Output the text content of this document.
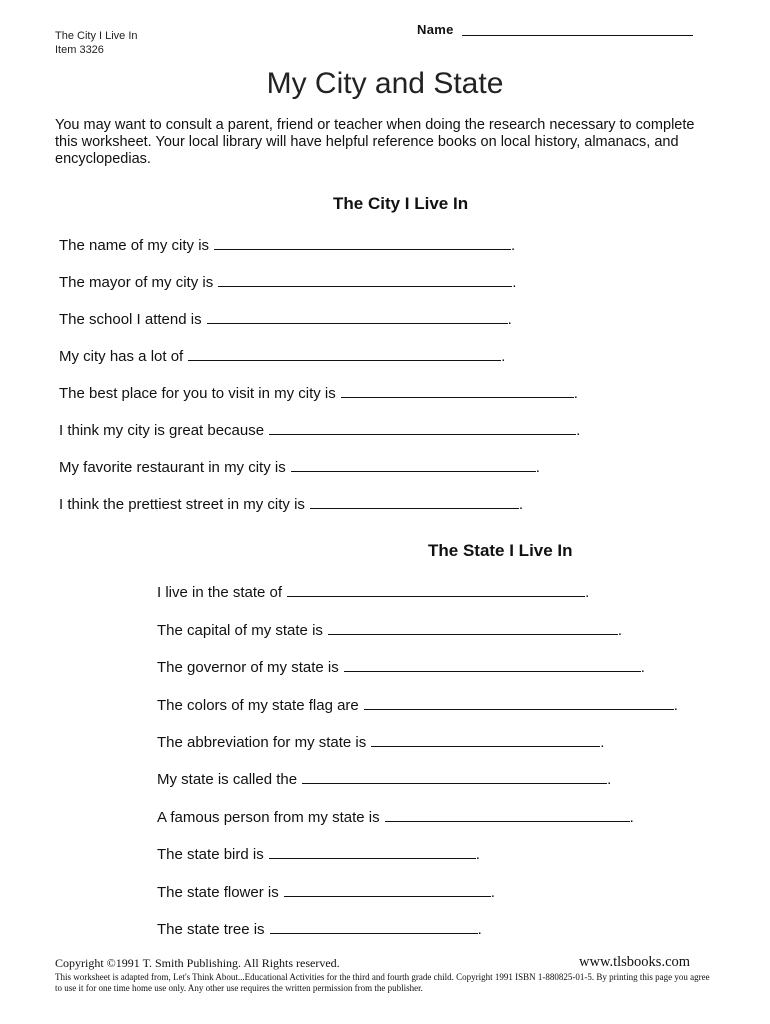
The City I Live In
Item 3326
Name
My City and State
You may want to consult a parent, friend or teacher when doing the research necessary to complete this worksheet. Your local library will have helpful reference books on local history, almanacs, and encyclopedias.
The City I Live In
The name of my city is	.
The mayor of my city is	.
The school I attend is	.
My city has a lot of	.
The best place for you to visit in my city is	.
I think my city is great because	.
My favorite restaurant in my city is	.
I think the prettiest street in my city is	.
The State I Live In
I live in the state of	.
The capital of my state is	.
The governor of my state is	.
The colors of my state flag are	.
The abbreviation for my state is	.
My state is called the	.
A famous person from my state is	.
The state bird is	.
The state flower is	.
The state tree is	.
Copyright ©1991 T. Smith Publishing. All Rights reserved.	www.tlsbooks.com
This worksheet is adapted from, Let's Think About...Educational Activities for the third and fourth grade child. Copyright 1991 ISBN 1-880825-01-5. By printing this page you agree to use it for one time home use only. Any other use requires the written permission from the publisher.
